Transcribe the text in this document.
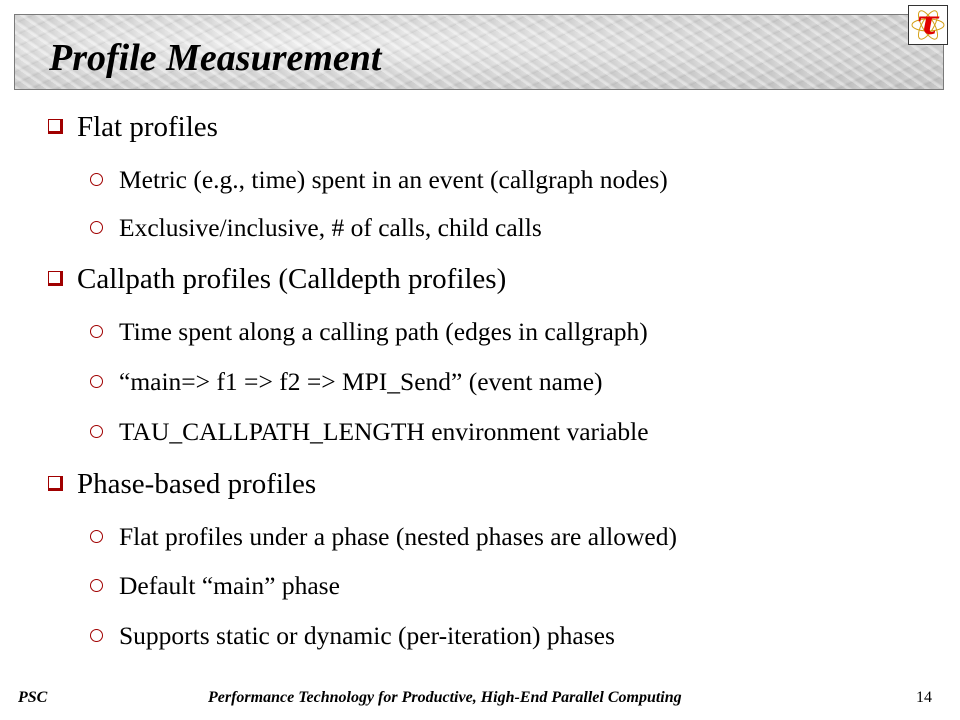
Profile Measurement
τ
Flat profiles
Metric (e.g., time) spent in an event (callgraph nodes)
Exclusive/inclusive, # of calls, child calls
Callpath profiles (Calldepth profiles)
Time spent along a calling path (edges in callgraph)
“main=> f1 => f2 => MPI_Send” (event name)
TAU_CALLPATH_LENGTH environment variable
Phase-based profiles
Flat profiles under a phase (nested phases are allowed)
Default “main” phase
Supports static or dynamic (per-iteration) phases
PSC	Performance Technology for Productive, High-End Parallel Computing	14
